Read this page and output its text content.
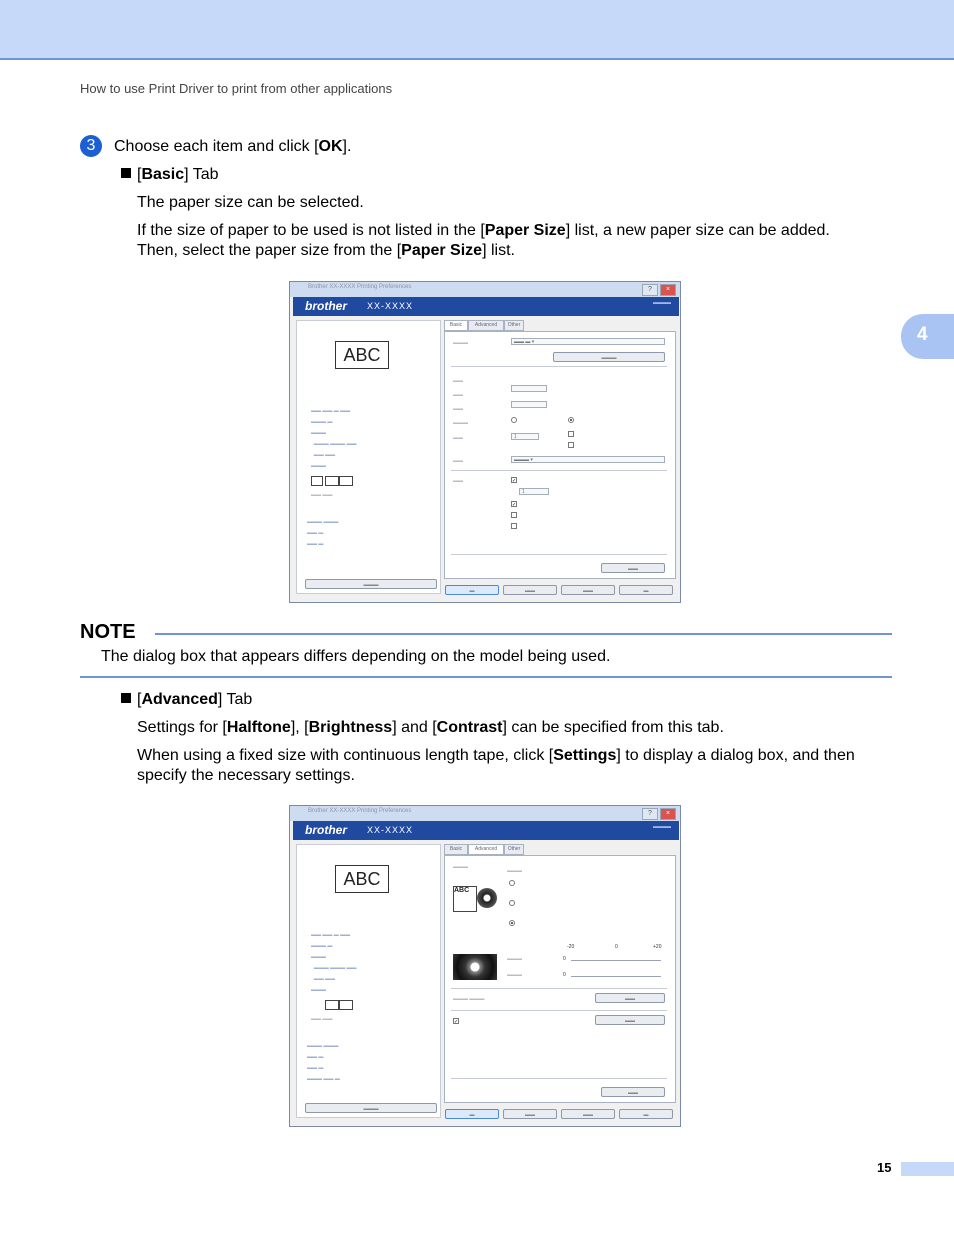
How to use Print Driver to print from other applications
4
3	Choose each item and click [OK].
[Basic] Tab
The paper size can be selected.
If the size of paper to be used is not listed in the [Paper Size] list, a new paper size can be added.
Then, select the paper size from the [Paper Size] list.
Brother XX-XXXX Printing Preferences	?	×
brother XX-XXXX	▬▬▬
ABC
▬▬ ▬▬ ▬ ▬▬
▬▬▬ ▬
▬▬▬
▬▬▬ ▬▬▬ ▬▬
▬▬ ▬▬
▬▬▬
▬▬ ▬▬
▬▬▬ ▬▬▬
▬▬ ▬
▬▬ ▬
▬▬▬
Basic	Advanced	Other
▬▬▬	▬▬ ▬ ▾
▬▬▬
▬▬
▬▬
▬▬
▬▬▬
▬▬	1
▬▬	▬▬▬ ▾
▬▬	✓
1
✓
▬▬
▬	▬▬	▬▬	▬
NOTE
The dialog box that appears differs depending on the model being used.
[Advanced] Tab
Settings for [Halftone], [Brightness] and [Contrast] can be specified from this tab.
When using a fixed size with continuous length tape, click [Settings] to display a dialog box, and then
specify the necessary settings.
Brother XX-XXXX Printing Preferences	?	×
brother XX-XXXX	▬▬▬
ABC
▬▬ ▬▬ ▬ ▬▬
▬▬▬ ▬
▬▬▬
▬▬▬ ▬▬▬ ▬▬
▬▬ ▬▬
▬▬▬
▬▬ ▬▬
▬▬▬ ▬▬▬
▬▬ ▬
▬▬ ▬
▬▬▬ ▬▬ ▬
▬▬▬
Basic	Advanced	Other
▬▬▬
ABC
▬▬▬
-20	0	+20
▬▬▬	0
▬▬▬	0
▬▬▬ ▬▬▬	▬▬
✓	▬▬
▬▬
▬	▬▬	▬▬	▬
15
